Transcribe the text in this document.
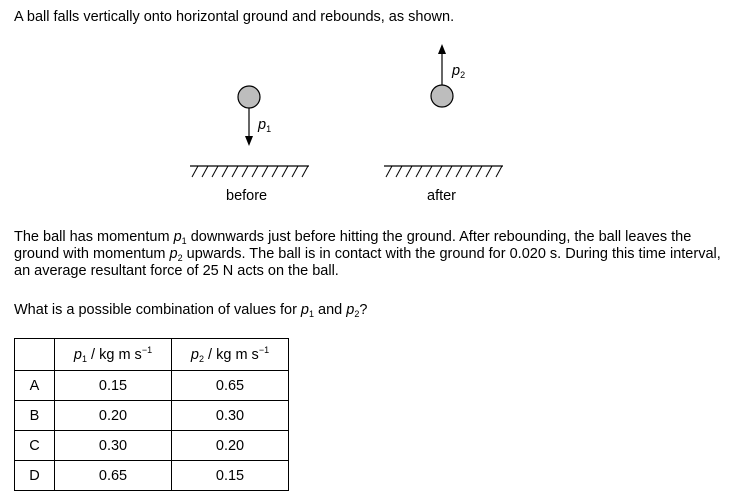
A ball falls vertically onto horizontal ground and rebounds, as shown.
$p_1$
$p_2$
before	after
The ball has momentum $p_1$ downwards just before hitting the ground. After rebounding, the ball leaves the ground with momentum $p_2$ upwards. The ball is in contact with the ground for 0.020 s. During this time interval, an average resultant force of 25 N acts on the ball.
What is a possible combination of values for $p_1$ and $p_2$?
	$p_1$ / kg m $s^{-1}$	$p_2$ / kg m $s^{-1}$
A	0.15	0.65
B	0.20	0.30
C	0.30	0.20
D	0.65	0.15
